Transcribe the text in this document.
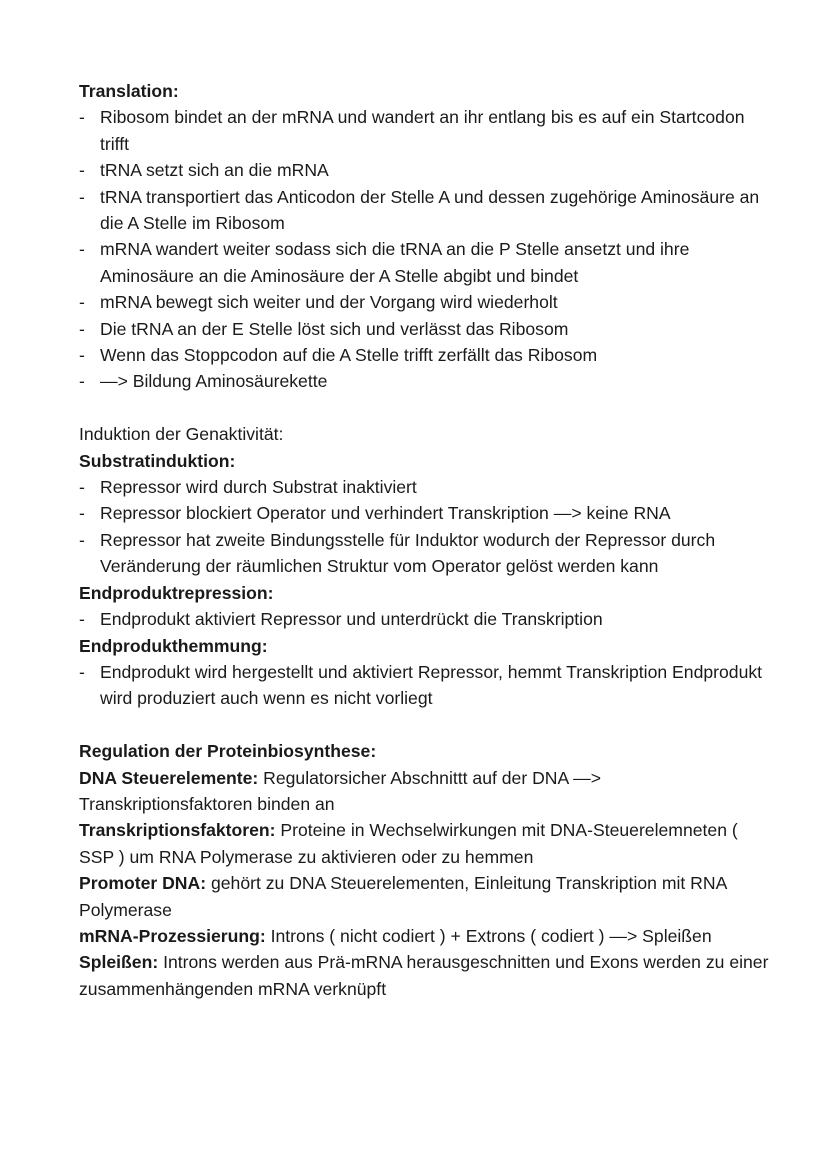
Translation:

- Ribosom bindet an der mRNA und wandert an ihr entlang bis es auf ein Startcodon trifft
- tRNA setzt sich an die mRNA
- tRNA transportiert das Anticodon der Stelle A und dessen zugehörige Aminosäure an die A Stelle im Ribosom
- mRNA wandert weiter sodass sich die tRNA an die P Stelle ansetzt und ihre Aminosäure an die Aminosäure der A Stelle abgibt und bindet
- mRNA bewegt sich weiter und der Vorgang wird wiederholt
- Die tRNA an der E Stelle löst sich und verlässt das Ribosom
- Wenn das Stoppcodon auf die A Stelle trifft zerfällt das Ribosom
- —> Bildung Aminosäurekette

Induktion der Genaktivität:

Substratinduktion:

- Repressor wird durch Substrat inaktiviert
- Repressor blockiert Operator und verhindert Transkription —> keine RNA
- Repressor hat zweite Bindungsstelle für Induktor wodurch der Repressor durch Veränderung der räumlichen Struktur vom Operator gelöst werden kann

Endproduktrepression:

- Endprodukt aktiviert Repressor und unterdrückt die Transkription

Endprodukthemmung:

- Endprodukt wird hergestellt und aktiviert Repressor, hemmt Transkription Endprodukt wird produziert auch wenn es nicht vorliegt

Regulation der Proteinbiosynthese:

DNA Steuerelemente: Regulatorsicher Abschnittt auf der DNA —> Transkriptionsfaktoren binden an

Transkriptionsfaktoren: Proteine in Wechselwirkungen mit DNA-Steuerelemneten ( SSP ) um RNA Polymerase zu aktivieren oder zu hemmen

Promoter DNA: gehört zu DNA Steuerelementen, Einleitung Transkription mit RNA Polymerase

mRNA-Prozessierung: Introns ( nicht codiert ) + Extrons ( codiert ) —> Spleißen

Spleißen: Introns werden aus Prä-mRNA herausgeschnitten und Exons werden zu einer zusammenhängenden mRNA verknüpft
